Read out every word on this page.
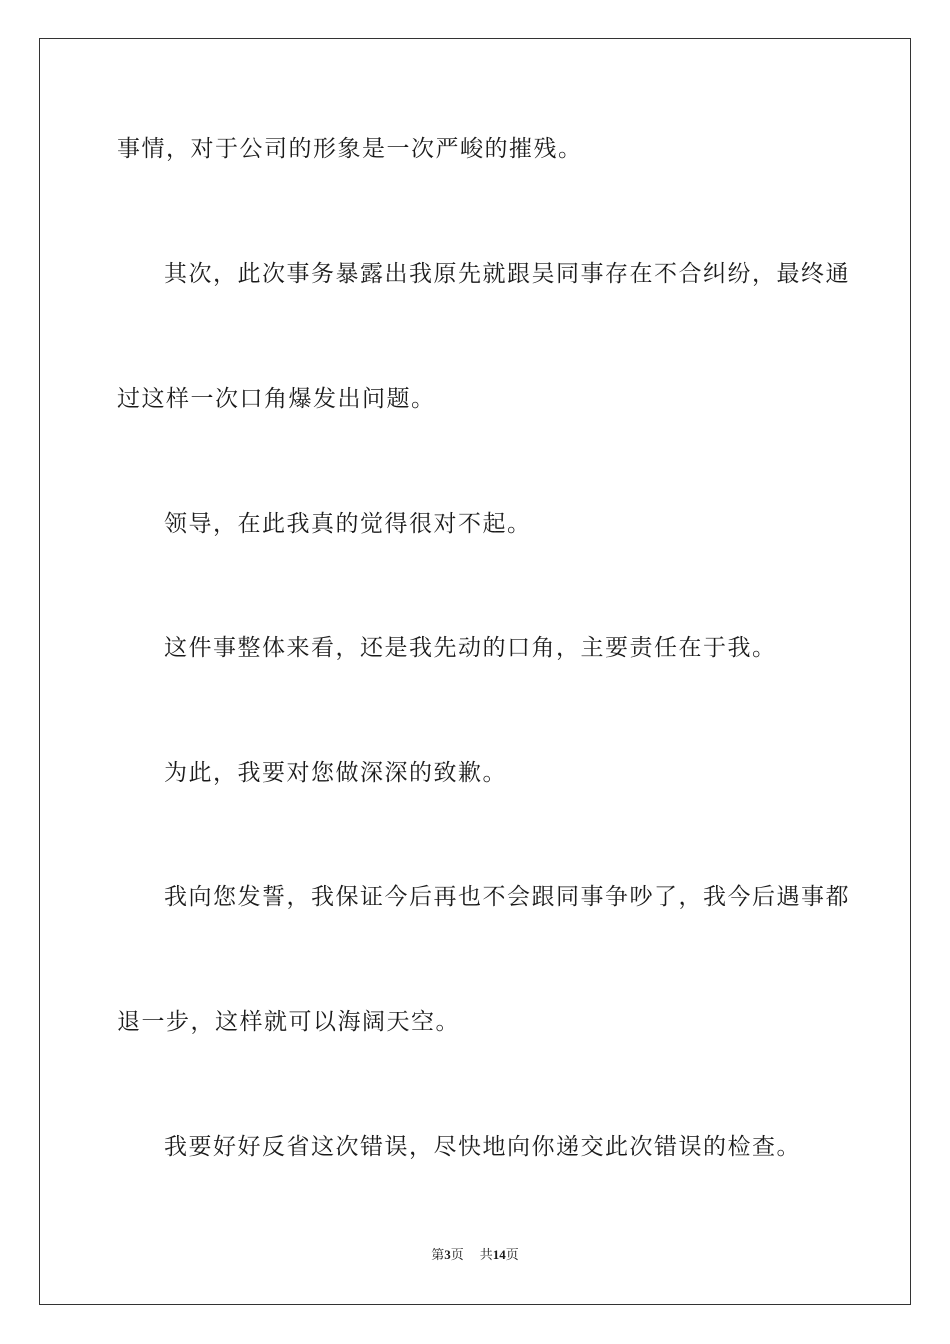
事情，对于公司的形象是一次严峻的摧残。
其次，此次事务暴露出我原先就跟吴同事存在不合纠纷，最终通
过这样一次口角爆发出问题。
领导，在此我真的觉得很对不起。
这件事整体来看，还是我先动的口角，主要责任在于我。
为此，我要对您做深深的致歉。
我向您发誓，我保证今后再也不会跟同事争吵了，我今后遇事都
退一步，这样就可以海阔天空。
我要好好反省这次错误，尽快地向你递交此次错误的检查。
第3页 共14页
